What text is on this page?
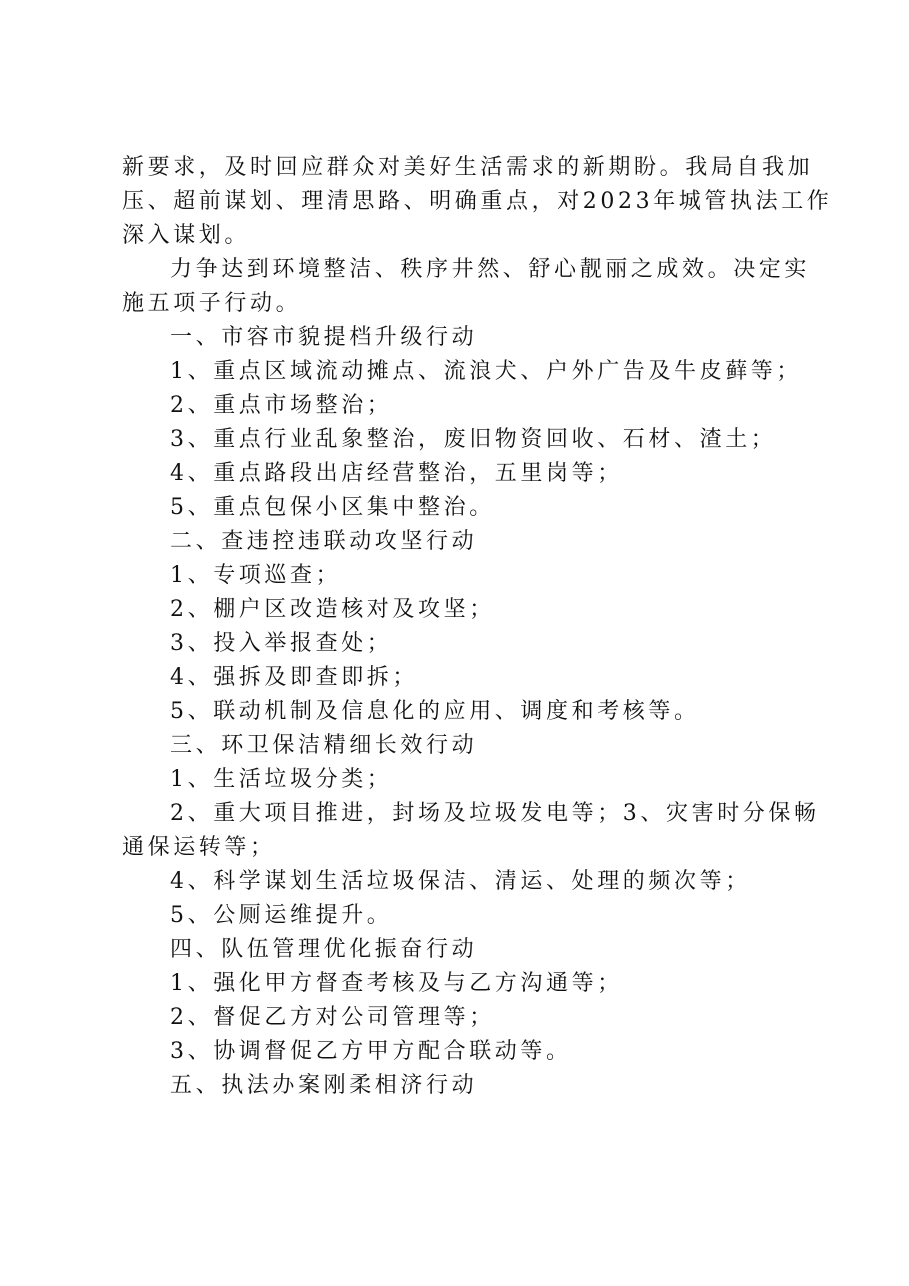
新要求，及时回应群众对美好生活需求的新期盼。我局自我加
压、超前谋划、理清思路、明确重点，对2023年城管执法工作
深入谋划。
力争达到环境整洁、秩序井然、舒心靓丽之成效。决定实
施五项子行动。
一、市容市貌提档升级行动
1、重点区域流动摊点、流浪犬、户外广告及牛皮藓等；
2、重点市场整治；
3、重点行业乱象整治，废旧物资回收、石材、渣土；
4、重点路段出店经营整治，五里岗等；
5、重点包保小区集中整治。
二、查违控违联动攻坚行动
1、专项巡查；
2、棚户区改造核对及攻坚；
3、投入举报查处；
4、强拆及即查即拆；
5、联动机制及信息化的应用、调度和考核等。
三、环卫保洁精细长效行动
1、生活垃圾分类；
2、重大项目推进，封场及垃圾发电等；3、灾害时分保畅
通保运转等；
4、科学谋划生活垃圾保洁、清运、处理的频次等；
5、公厕运维提升。
四、队伍管理优化振奋行动
1、强化甲方督查考核及与乙方沟通等；
2、督促乙方对公司管理等；
3、协调督促乙方甲方配合联动等。
五、执法办案刚柔相济行动
